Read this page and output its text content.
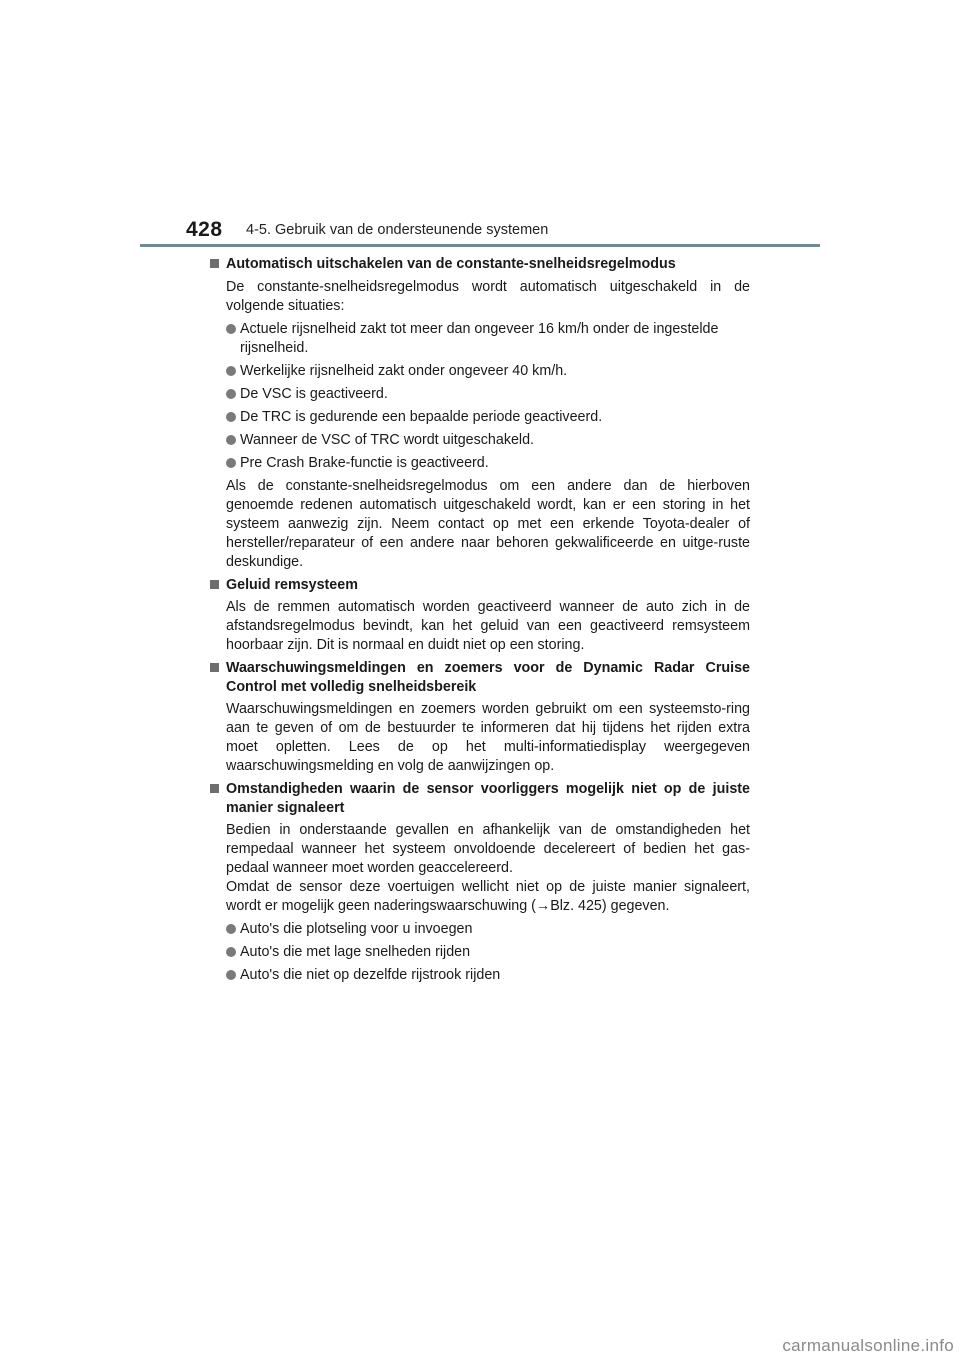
428 4-5. Gebruik van de ondersteunende systemen
Automatisch uitschakelen van de constante-snelheidsregelmodus
De constante-snelheidsregelmodus wordt automatisch uitgeschakeld in de volgende situaties:
Actuele rijsnelheid zakt tot meer dan ongeveer 16 km/h onder de ingestelde rijsnelheid.
Werkelijke rijsnelheid zakt onder ongeveer 40 km/h.
De VSC is geactiveerd.
De TRC is gedurende een bepaalde periode geactiveerd.
Wanneer de VSC of TRC wordt uitgeschakeld.
Pre Crash Brake-functie is geactiveerd.
Als de constante-snelheidsregelmodus om een andere dan de hierboven genoemde redenen automatisch uitgeschakeld wordt, kan er een storing in het systeem aanwezig zijn. Neem contact op met een erkende Toyota-dealer of hersteller/reparateur of een andere naar behoren gekwalificeerde en uitge-ruste deskundige.
Geluid remsysteem
Als de remmen automatisch worden geactiveerd wanneer de auto zich in de afstandsregelmodus bevindt, kan het geluid van een geactiveerd remsysteem hoorbaar zijn. Dit is normaal en duidt niet op een storing.
Waarschuwingsmeldingen en zoemers voor de Dynamic Radar Cruise Control met volledig snelheidsbereik
Waarschuwingsmeldingen en zoemers worden gebruikt om een systeemsto-ring aan te geven of om de bestuurder te informeren dat hij tijdens het rijden extra moet opletten. Lees de op het multi-informatiedisplay weergegeven waarschuwingsmelding en volg de aanwijzingen op.
Omstandigheden waarin de sensor voorliggers mogelijk niet op de juiste manier signaleert
Bedien in onderstaande gevallen en afhankelijk van de omstandigheden het rempedaal wanneer het systeem onvoldoende decelereert of bedien het gas-pedaal wanneer moet worden geaccelereerd.
Omdat de sensor deze voertuigen wellicht niet op de juiste manier signaleert, wordt er mogelijk geen naderingswaarschuwing (→Blz. 425) gegeven.
Auto's die plotseling voor u invoegen
Auto's die met lage snelheden rijden
Auto's die niet op dezelfde rijstrook rijden
carmanualsonline.info
